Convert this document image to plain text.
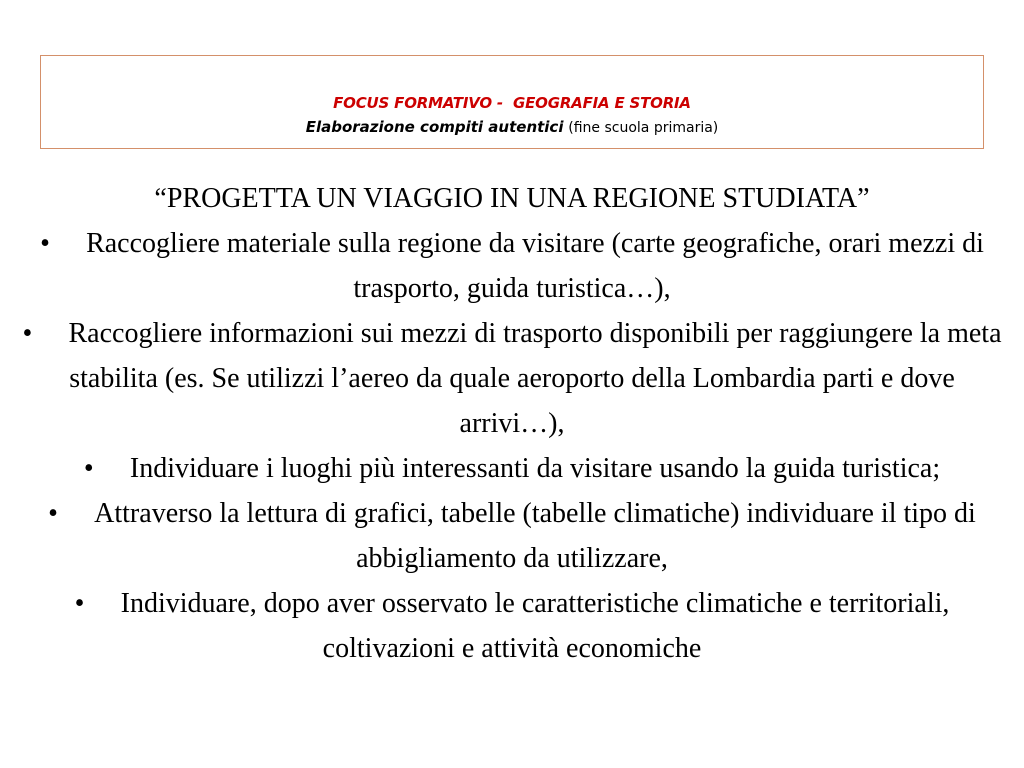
FOCUS FORMATIVO -  GEOGRAFIA E STORIA
Elaborazione compiti autentici (fine scuola primaria)

“PROGETTA UN VIAGGIO IN UNA REGIONE STUDIATA”

• Raccogliere materiale sulla regione da visitare (carte geografiche, orari mezzi di trasporto, guida turistica…),

• Raccogliere informazioni sui mezzi di trasporto disponibili per raggiungere la meta stabilita (es. Se utilizzi l’aereo da quale aeroporto della Lombardia parti e dove arrivi…),

• Individuare i luoghi più interessanti da visitare usando la guida turistica;

• Attraverso la lettura di grafici, tabelle (tabelle climatiche) individuare il tipo di abbigliamento da utilizzare,

• Individuare, dopo aver osservato le caratteristiche climatiche e territoriali, coltivazioni e attività economiche
